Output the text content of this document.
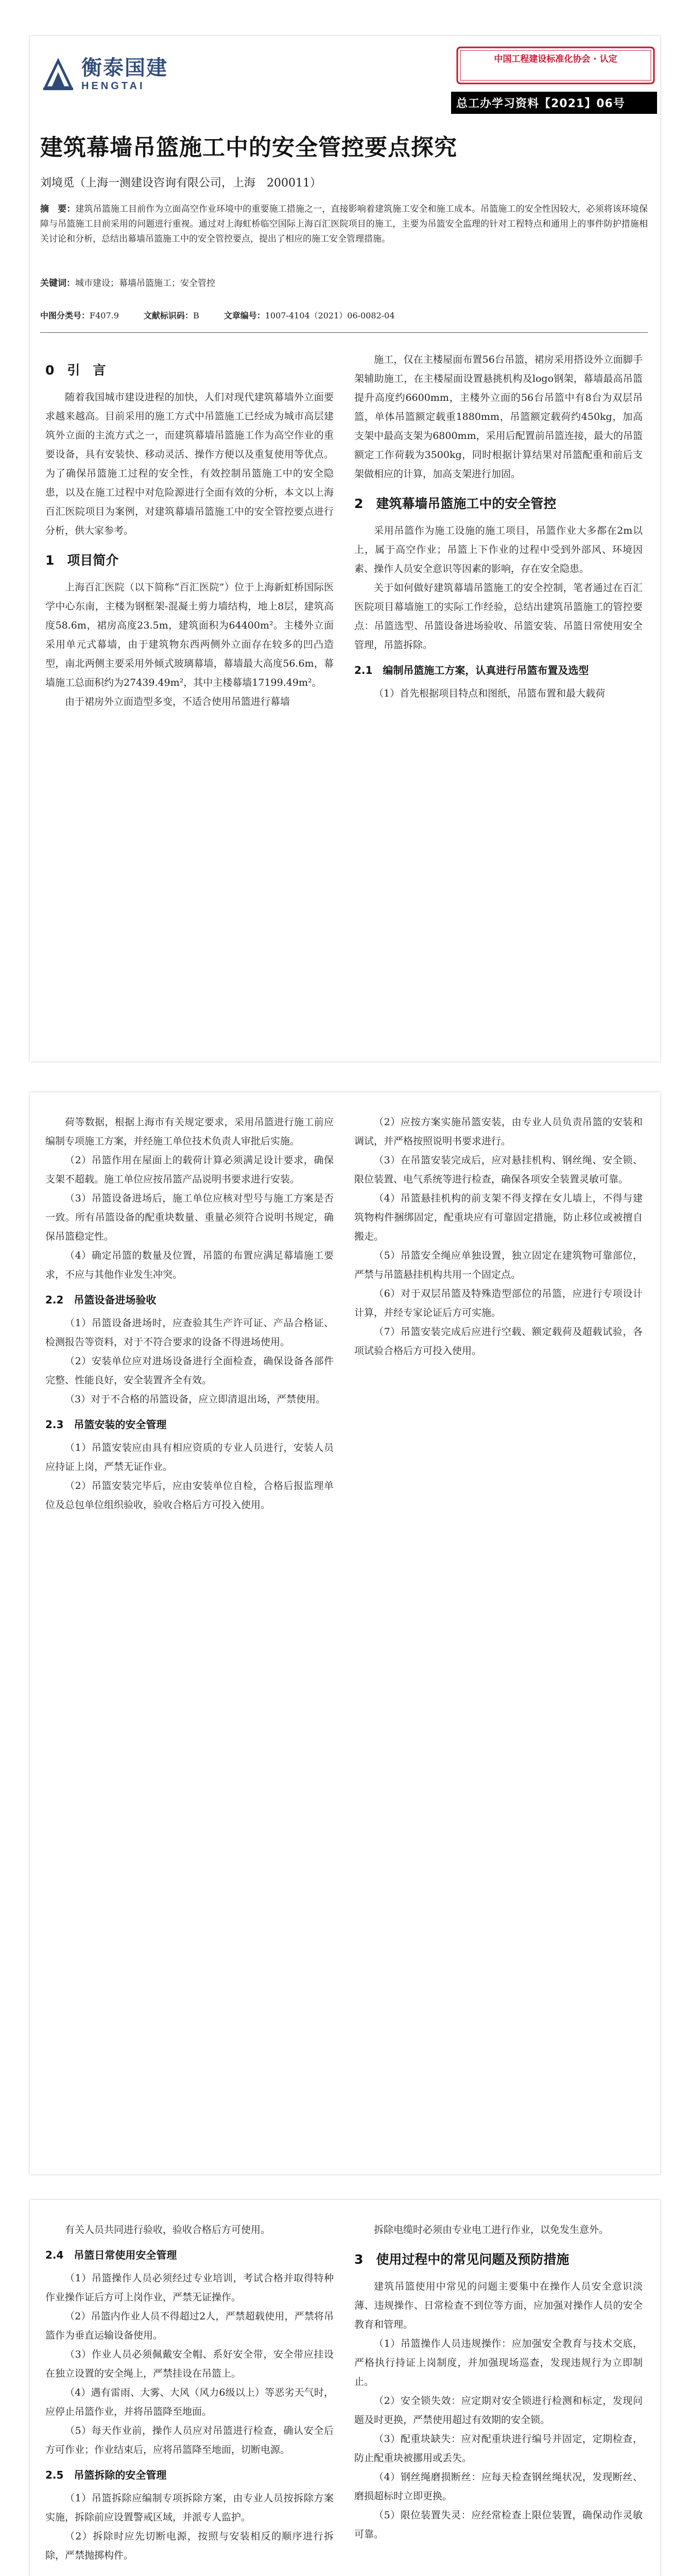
衡泰国建
HENGTAI
中国工程建设标准化协会 · 认定
总工办学习资料【2021】06号
建筑幕墙吊篮施工中的安全管控要点探究
刘境觅（上海一测建设咨询有限公司，上海　200011）
摘　要：建筑吊篮施工目前作为立面高空作业环境中的重要施工措施之一，直接影响着建筑施工安全和施工成本。吊篮施工的安全性因较大，必须将该环境保障与吊篮施工目前采用的问题进行重视。通过对上海虹桥临空国际上海百汇医院项目的施工，主要为吊篮安全监理的针对工程特点和通用上的事件防护措施相关讨论和分析，总结出幕墙吊篮施工中的安全管控要点，提出了相应的施工安全管理措施。
关键词：城市建设；幕墙吊篮施工；安全管控
中图分类号：F407.9	文献标识码：B	文章编号：1007-4104（2021）06-0082-04
0　引　言

随着我国城市建设进程的加快，人们对现代建筑幕墙外立面要求越来越高。目前采用的施工方式中吊篮施工已经成为城市高层建筑外立面的主流方式之一，而建筑幕墙吊篮施工作为高空作业的重要设备，具有安装快、移动灵活、操作方便以及重复使用等优点。为了确保吊篮施工过程的安全性，有效控制吊篮施工中的安全隐患，以及在施工过程中对危险源进行全面有效的分析，本文以上海百汇医院项目为案例，对建筑幕墙吊篮施工中的安全管控要点进行分析，供大家参考。

1　项目简介

上海百汇医院（以下简称“百汇医院”）位于上海新虹桥国际医学中心东南，主楼为钢框架-混凝土剪力墙结构，地上8层，建筑高度58.6m，裙房高度23.5m，建筑面积为64400m²。主楼外立面采用单元式幕墙，由于建筑物东西两侧外立面存在较多的凹凸造型，南北两侧主要采用外倾式玻璃幕墙，幕墙最大高度56.6m，幕墙施工总面积约为27439.49m²，其中主楼幕墙17199.49m²。

由于裙房外立面造型多变，不适合使用吊篮进行幕墙

施工，仅在主楼屋面布置56台吊篮，裙房采用搭设外立面脚手架辅助施工，在主楼屋面设置悬挑机构及logo钢架，幕墙最高吊篮提升高度约6600mm，主楼外立面的56台吊篮中有8台为双层吊篮，单体吊篮额定载重1880mm，吊篮额定载荷约450kg，加高支架中最高支架为6800mm，采用后配置前吊篮连接，最大的吊篮额定工作荷载为3500kg，同时根据计算结果对吊篮配重和前后支架做相应的计算，加高支架进行加固。

2　建筑幕墙吊篮施工中的安全管控

采用吊篮作为施工设施的施工项目，吊篮作业大多都在2m以上，属于高空作业；吊篮上下作业的过程中受到外部风、环境因素、操作人员安全意识等因素的影响，存在安全隐患。

关于如何做好建筑幕墙吊篮施工的安全控制，笔者通过在百汇医院项目幕墙施工的实际工作经验，总结出建筑吊篮施工的管控要点：吊篮选型、吊篮设备进场验收、吊篮安装、吊篮日常使用安全管理，吊篮拆除。

2.1　编制吊篮施工方案，认真进行吊篮布置及选型

（1）首先根据项目特点和图纸，吊篮布置和最大载荷

荷等数据，根据上海市有关规定要求，采用吊篮进行施工前应编制专项施工方案，并经施工单位技术负责人审批后实施。

（2）吊篮作用在屋面上的载荷计算必须满足设计要求，确保支架不超载。施工单位应按吊篮产品说明书要求进行安装。

（3）吊篮设备进场后，施工单位应核对型号与施工方案是否一致。所有吊篮设备的配重块数量、重量必须符合说明书规定，确保吊篮稳定性。

（4）确定吊篮的数量及位置，吊篮的布置应满足幕墙施工要求，不应与其他作业发生冲突。

2.2　吊篮设备进场验收

（1）吊篮设备进场时，应查验其生产许可证、产品合格证、检测报告等资料，对于不符合要求的设备不得进场使用。

（2）安装单位应对进场设备进行全面检查，确保设备各部件完整、性能良好，安全装置齐全有效。

（3）对于不合格的吊篮设备，应立即清退出场，严禁使用。

2.3　吊篮安装的安全管理

（1）吊篮安装应由具有相应资质的专业人员进行，安装人员应持证上岗，严禁无证作业。

（2）吊篮安装完毕后，应由安装单位自检，合格后报监理单位及总包单位组织验收，验收合格后方可投入使用。

（2）应按方案实施吊篮安装，由专业人员负责吊篮的安装和调试，并严格按照说明书要求进行。

（3）在吊篮安装完成后，应对悬挂机构、钢丝绳、安全锁、限位装置、电气系统等进行检查，确保各项安全装置灵敏可靠。

（4）吊篮悬挂机构的前支架不得支撑在女儿墙上，不得与建筑物构件捆绑固定，配重块应有可靠固定措施，防止移位或被擅自搬走。

（5）吊篮安全绳应单独设置，独立固定在建筑物可靠部位，严禁与吊篮悬挂机构共用一个固定点。

（6）对于双层吊篮及特殊造型部位的吊篮，应进行专项设计计算，并经专家论证后方可实施。

（7）吊篮安装完成后应进行空载、额定载荷及超载试验，各项试验合格后方可投入使用。

有关人员共同进行验收，验收合格后方可使用。

2.4　吊篮日常使用安全管理

（1）吊篮操作人员必须经过专业培训，考试合格并取得特种作业操作证后方可上岗作业，严禁无证操作。

（2）吊篮内作业人员不得超过2人，严禁超载使用，严禁将吊篮作为垂直运输设备使用。

（3）作业人员必须佩戴安全帽、系好安全带，安全带应挂设在独立设置的安全绳上，严禁挂设在吊篮上。

（4）遇有雷雨、大雾、大风（风力6级以上）等恶劣天气时，应停止吊篮作业，并将吊篮降至地面。

（5）每天作业前，操作人员应对吊篮进行检查，确认安全后方可作业；作业结束后，应将吊篮降至地面，切断电源。

2.5　吊篮拆除的安全管理

（1）吊篮拆除应编制专项拆除方案，由专业人员按拆除方案实施，拆除前应设置警戒区域，并派专人监护。

（2）拆除时应先切断电源，按照与安装相反的顺序进行拆除，严禁抛掷构件。

拆除电缆时必须由专业电工进行作业，以免发生意外。

3　使用过程中的常见问题及预防措施

建筑吊篮使用中常见的问题主要集中在操作人员安全意识淡薄、违规操作、日常检查不到位等方面，应加强对操作人员的安全教育和管理。

（1）吊篮操作人员违规操作：应加强安全教育与技术交底，严格执行持证上岗制度，并加强现场巡查，发现违规行为立即制止。

（2）安全锁失效：应定期对安全锁进行检测和标定，发现问题及时更换，严禁使用超过有效期的安全锁。

（3）配重块缺失：应对配重块进行编号并固定，定期检查，防止配重块被挪用或丢失。

（4）钢丝绳磨损断丝：应每天检查钢丝绳状况，发现断丝、磨损超标时立即更换。

（5）限位装置失灵：应经常检查上限位装置，确保动作灵敏可靠。
